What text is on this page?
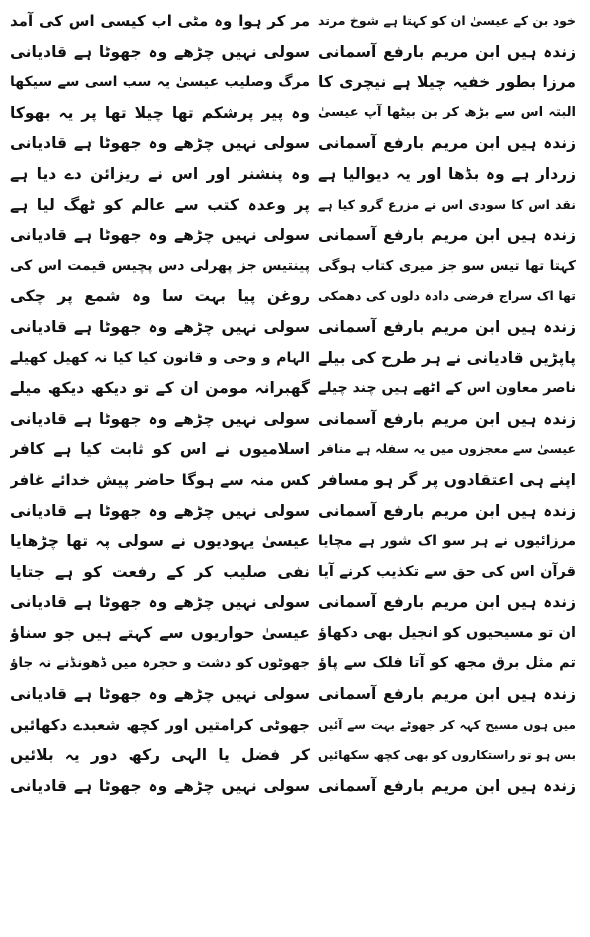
خود بن کے عیسیٰ ان کو کہتا ہے شوخ مرتد
زندہ ہیں ابن مریم بارفع آسمانی
مرزا بطور خفیہ چیلا ہے نیچری کا
البتہ اس سے بڑھ کر بن بیٹھا آپ عیسیٰ
زندہ ہیں ابن مریم بارفع آسمانی
زردار ہے وہ بڈھا اور یہ دیوالیا ہے
نقد اس کا سودی اس نے مزرع گرو کیا ہے
زندہ ہیں ابن مریم بارفع آسمانی
کہتا تھا تیس سو جز میری کتاب ہوگی
تھا اک سراج فرضی دادہ دلوں کی دھمکی
زندہ ہیں ابن مریم بارفع آسمانی
پاپڑیں قادیانی نے ہر طرح کی بیلے
ناصر معاون اس کے اٹھے ہیں چند چیلے
زندہ ہیں ابن مریم بارفع آسمانی
عیسیٰ سے معجزوں میں یہ سفلہ ہے منافر
اپنے ہی اعتقادوں پر گر ہو مسافر
زندہ ہیں ابن مریم بارفع آسمانی
مرزائیوں نے ہر سو اک شور ہے مچایا
قرآن اس کی حق سے تکذیب کرنے آیا
زندہ ہیں ابن مریم بارفع آسمانی
ان تو مسیحیوں کو انجیل بھی دکھاؤ
تم مثل برق مجھ کو آتا فلک سے پاؤ
زندہ ہیں ابن مریم بارفع آسمانی
میں ہوں مسیح کہہ کر جھوٹے بہت سے آئیں
بس ہو تو راستکاروں کو بھی کچھ سکھائیں
زندہ ہیں ابن مریم بارفع آسمانی
مر کر ہوا وہ مٹی اب کیسی اس کی آمد
سولی نہیں چڑھے وہ جھوٹا ہے قادیانی
مرگ وصلیب عیسیٰ یہ سب اسی سے سیکھا
وہ پیر پرشکم تھا چیلا تھا پر یہ بھوکا
سولی نہیں چڑھے وہ جھوٹا ہے قادیانی
وہ پنشنر اور اس نے ریزائن دے دیا ہے
پر وعدہ کتب سے عالم کو ٹھگ لیا ہے
سولی نہیں چڑھے وہ جھوٹا ہے قادیانی
پینتیس جز پھرلی دس پچیس قیمت اس کی
روغن پیا بہت سا وہ شمع پر چکی
سولی نہیں چڑھے وہ جھوٹا ہے قادیانی
الہام و وحی و قانون کیا کیا نہ کھیل کھیلے
گھبرانہ مومن ان کے تو دیکھ دیکھ میلے
سولی نہیں چڑھے وہ جھوٹا ہے قادیانی
اسلامیوں نے اس کو ثابت کیا ہے کافر
کس منہ سے ہوگا حاضر پیش خدائے غافر
سولی نہیں چڑھے وہ جھوٹا ہے قادیانی
عیسیٰ یہودیوں نے سولی پہ تھا چڑھایا
نفی صلیب کر کے رفعت کو ہے جتایا
سولی نہیں چڑھے وہ جھوٹا ہے قادیانی
عیسیٰ حواریوں سے کہتے ہیں جو سناؤ
جھوٹوں کو دشت و حجرہ میں ڈھونڈنے نہ جاؤ
سولی نہیں چڑھے وہ جھوٹا ہے قادیانی
جھوٹی کرامتیں اور کچھ شعبدے دکھائیں
کر فضل یا الہی رکھ دور یہ بلائیں
سولی نہیں چڑھے وہ جھوٹا ہے قادیانی
